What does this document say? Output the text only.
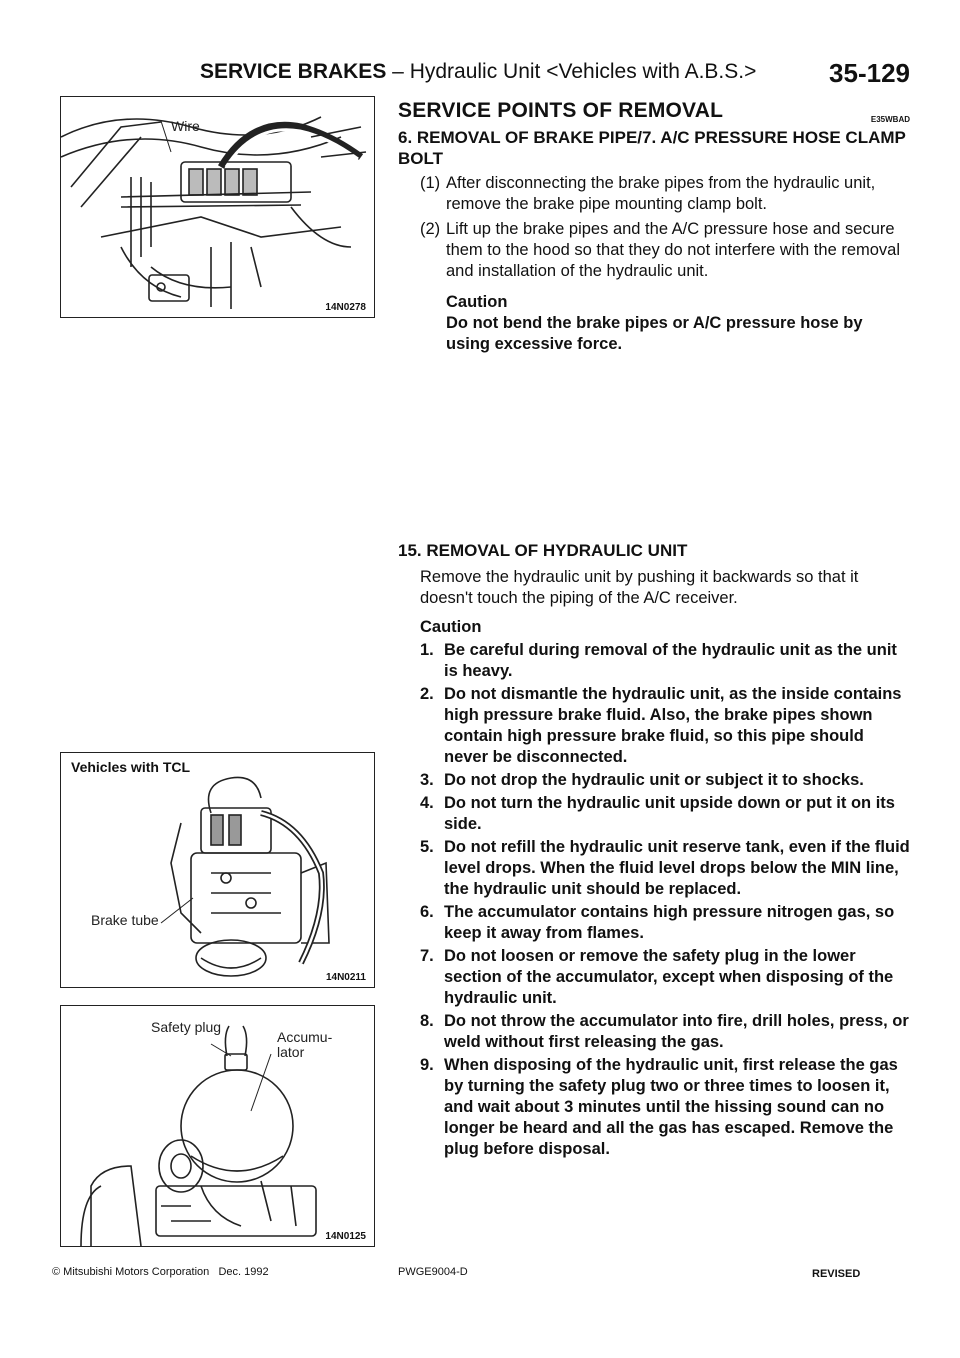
SERVICE BRAKES – Hydraulic Unit <Vehicles with A.B.S.>	35-129
Wire
14N0278
Vehicles with TCL
Brake tube
14N0211
Safety plug
Accumu-
lator
14N0125
SERVICE POINTS OF REMOVAL	E35WBAD
6. REMOVAL OF BRAKE PIPE/7. A/C PRESSURE HOSE CLAMP BOLT
(1) After disconnecting the brake pipes from the hydraulic unit, remove the brake pipe mounting clamp bolt.
(2) Lift up the brake pipes and the A/C pressure hose and secure them to the hood so that they do not interfere with the removal and installation of the hydraulic unit.
Caution
Do not bend the brake pipes or A/C pressure hose by using excessive force.
15. REMOVAL OF HYDRAULIC UNIT
Remove the hydraulic unit by pushing it backwards so that it doesn't touch the piping of the A/C receiver.
Caution
1. Be careful during removal of the hydraulic unit as the unit is heavy.
2. Do not dismantle the hydraulic unit, as the inside contains high pressure brake fluid. Also, the brake pipes shown contain high pressure brake fluid, so this pipe should never be disconnected.
3. Do not drop the hydraulic unit or subject it to shocks.
4. Do not turn the hydraulic unit upside down or put it on its side.
5. Do not refill the hydraulic unit reserve tank, even if the fluid level drops. When the fluid level drops below the MIN line, the hydraulic unit should be replaced.
6. The accumulator contains high pressure nitrogen gas, so keep it away from flames.
7. Do not loosen or remove the safety plug in the lower section of the accumulator, except when disposing of the hydraulic unit.
8. Do not throw the accumulator into fire, drill holes, press, or weld without first releasing the gas.
9. When disposing of the hydraulic unit, first release the gas by turning the safety plug two or three times to loosen it, and wait about 3 minutes until the hissing sound can no longer be heard and all the gas has escaped. Remove the plug before disposal.
© Mitsubishi Motors Corporation   Dec. 1992	PWGE9004-D	REVISED
